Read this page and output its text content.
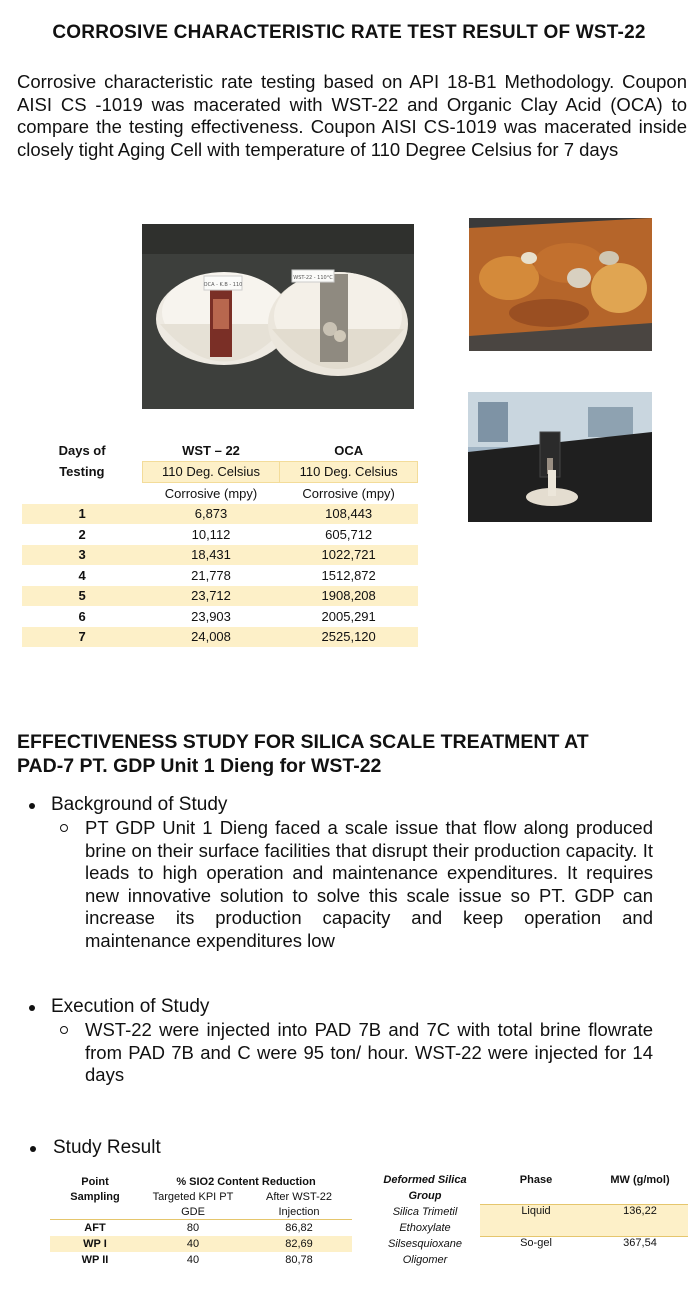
CORROSIVE CHARACTERISTIC RATE TEST RESULT OF WST-22
Corrosive characteristic rate testing based on API 18-B1 Methodology. Coupon AISI CS -1019 was macerated with WST-22 and Organic Clay Acid (OCA) to compare the testing effectiveness. Coupon AISI CS-1019 was macerated inside closely tight Aging Cell with temperature of 110 Degree Celsius for 7 days
OCA - K.B - 110
WST-22 - 110°C
Days of	WST – 22	OCA
Testing	110 Deg. Celsius	110 Deg. Celsius
	Corrosive (mpy)	Corrosive (mpy)
1	6,873	108,443
2	10,112	605,712
3	18,431	1022,721
4	21,778	1512,872
5	23,712	1908,208
6	23,903	2005,291
7	24,008	2525,120
EFFECTIVENESS STUDY FOR SILICA SCALE TREATMENT AT
PAD-7 PT. GDP Unit 1 Dieng for WST-22
Background of Study
PT GDP Unit 1 Dieng faced a scale issue that flow along produced brine on their surface facilities that disrupt their production capacity. It leads to high operation and maintenance expenditures. It requires new innovative solution to solve this scale issue so PT. GDP can increase its production capacity and keep operation and maintenance expenditures low
Execution of Study
WST-22 were injected into PAD 7B and 7C with total brine flowrate from PAD 7B and C were 95 ton/ hour. WST-22 were injected for 14 days
Study Result
Point	% SIO2 Content Reduction	
Sampling	Targeted KPI PT	After WST-22
	GDE	Injection
AFT	80	86,82
WP I	40	82,69
WP II	40	80,78
Deformed Silica	Phase	MW (g/mol)
Group		
Silica Trimetil	Liquid	136,22
Ethoxylate		
Silsesquioxane	So-gel	367,54
Oligomer		
